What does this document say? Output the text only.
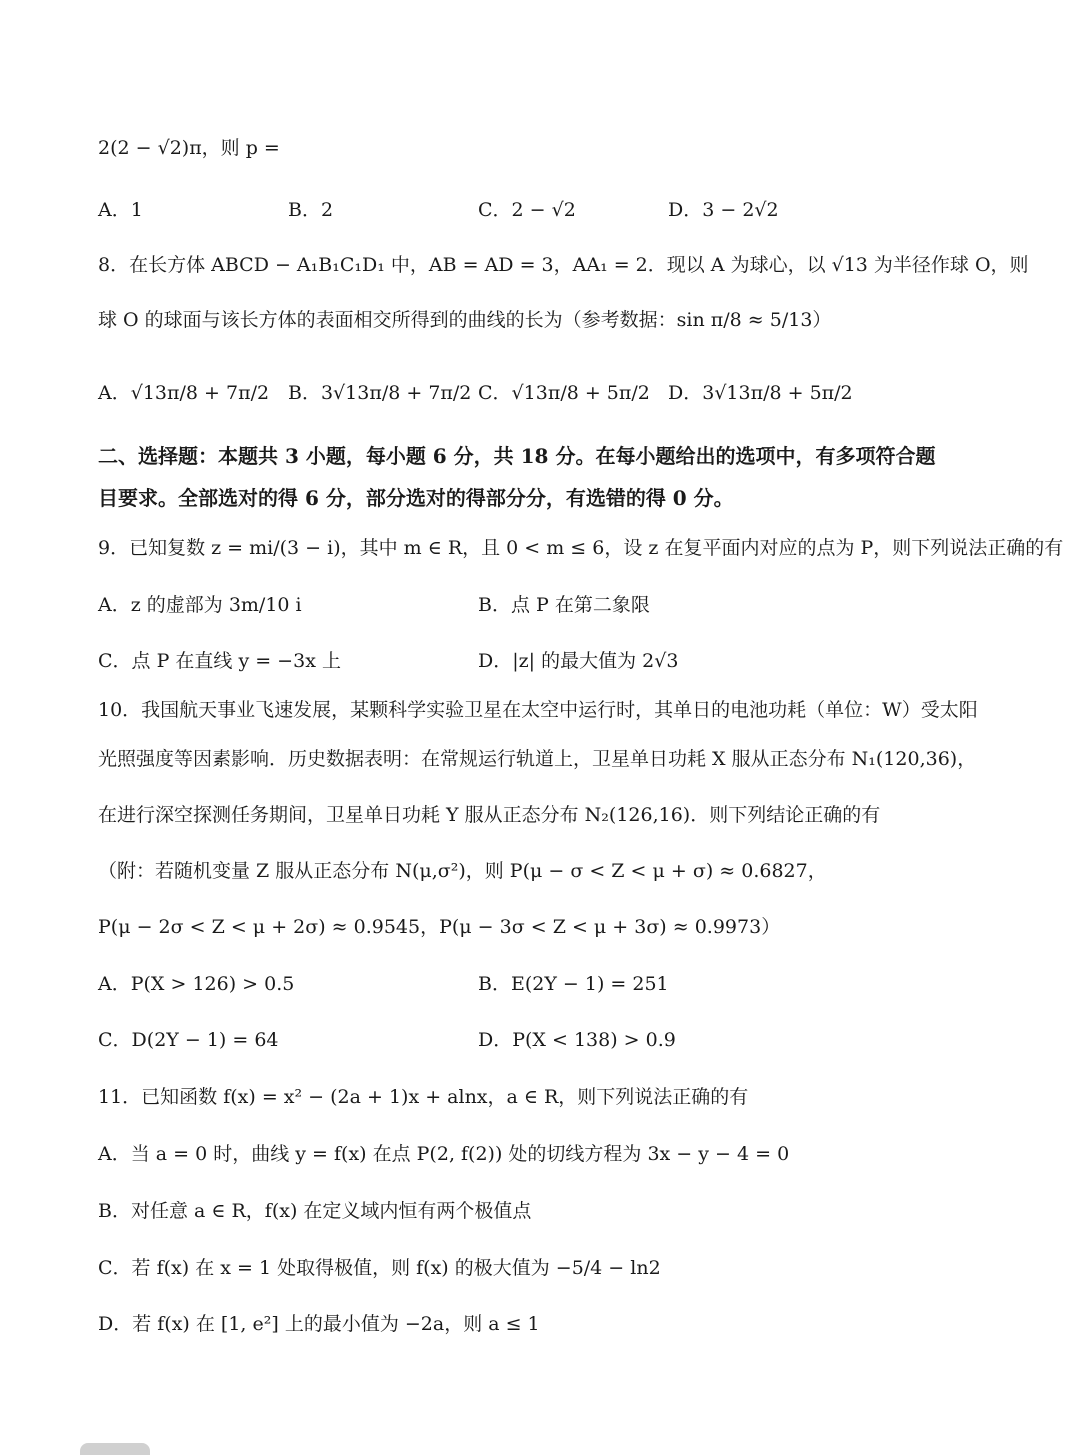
2(2 − √2)π，则 p =
A．1	B．2	C．2 − √2	D．3 − 2√2
8．在长方体 ABCD − A₁B₁C₁D₁ 中，AB = AD = 3，AA₁ = 2．现以 A 为球心，以 √13 为半径作球 O，则
球 O 的球面与该长方体的表面相交所得到的曲线的长为（参考数据：sin π/8 ≈ 5/13）
A．√13π/8 + 7π/2 B．3√13π/8 + 7π/2 C．√13π/8 + 5π/2 D．3√13π/8 + 5π/2
二、选择题：本题共 3 小题，每小题 6 分，共 18 分。在每小题给出的选项中，有多项符合题
目要求。全部选对的得 6 分，部分选对的得部分分，有选错的得 0 分。
9．已知复数 z = mi/(3 − i)，其中 m ∈ R，且 0 < m ≤ 6，设 z 在复平面内对应的点为 P，则下列说法正确的有
A．z 的虚部为 3m/10 i	B．点 P 在第二象限
C．点 P 在直线 y = −3x 上	D．|z| 的最大值为 2√3
10．我国航天事业飞速发展，某颗科学实验卫星在太空中运行时，其单日的电池功耗（单位：W）受太阳
光照强度等因素影响．历史数据表明：在常规运行轨道上，卫星单日功耗 X 服从正态分布 N₁(120,36)，
在进行深空探测任务期间，卫星单日功耗 Y 服从正态分布 N₂(126,16)．则下列结论正确的有
（附：若随机变量 Z 服从正态分布 N(μ,σ²)，则 P(μ − σ < Z < μ + σ) ≈ 0.6827，
P(μ − 2σ < Z < μ + 2σ) ≈ 0.9545，P(μ − 3σ < Z < μ + 3σ) ≈ 0.9973）
A．P(X > 126) > 0.5	B．E(2Y − 1) = 251
C．D(2Y − 1) = 64	D．P(X < 138) > 0.9
11．已知函数 f(x) = x² − (2a + 1)x + alnx，a ∈ R，则下列说法正确的有
A．当 a = 0 时，曲线 y = f(x) 在点 P(2, f(2)) 处的切线方程为 3x − y − 4 = 0
B．对任意 a ∈ R，f(x) 在定义域内恒有两个极值点
C．若 f(x) 在 x = 1 处取得极值，则 f(x) 的极大值为 −5/4 − ln2
D．若 f(x) 在 [1, e²] 上的最小值为 −2a，则 a ≤ 1
